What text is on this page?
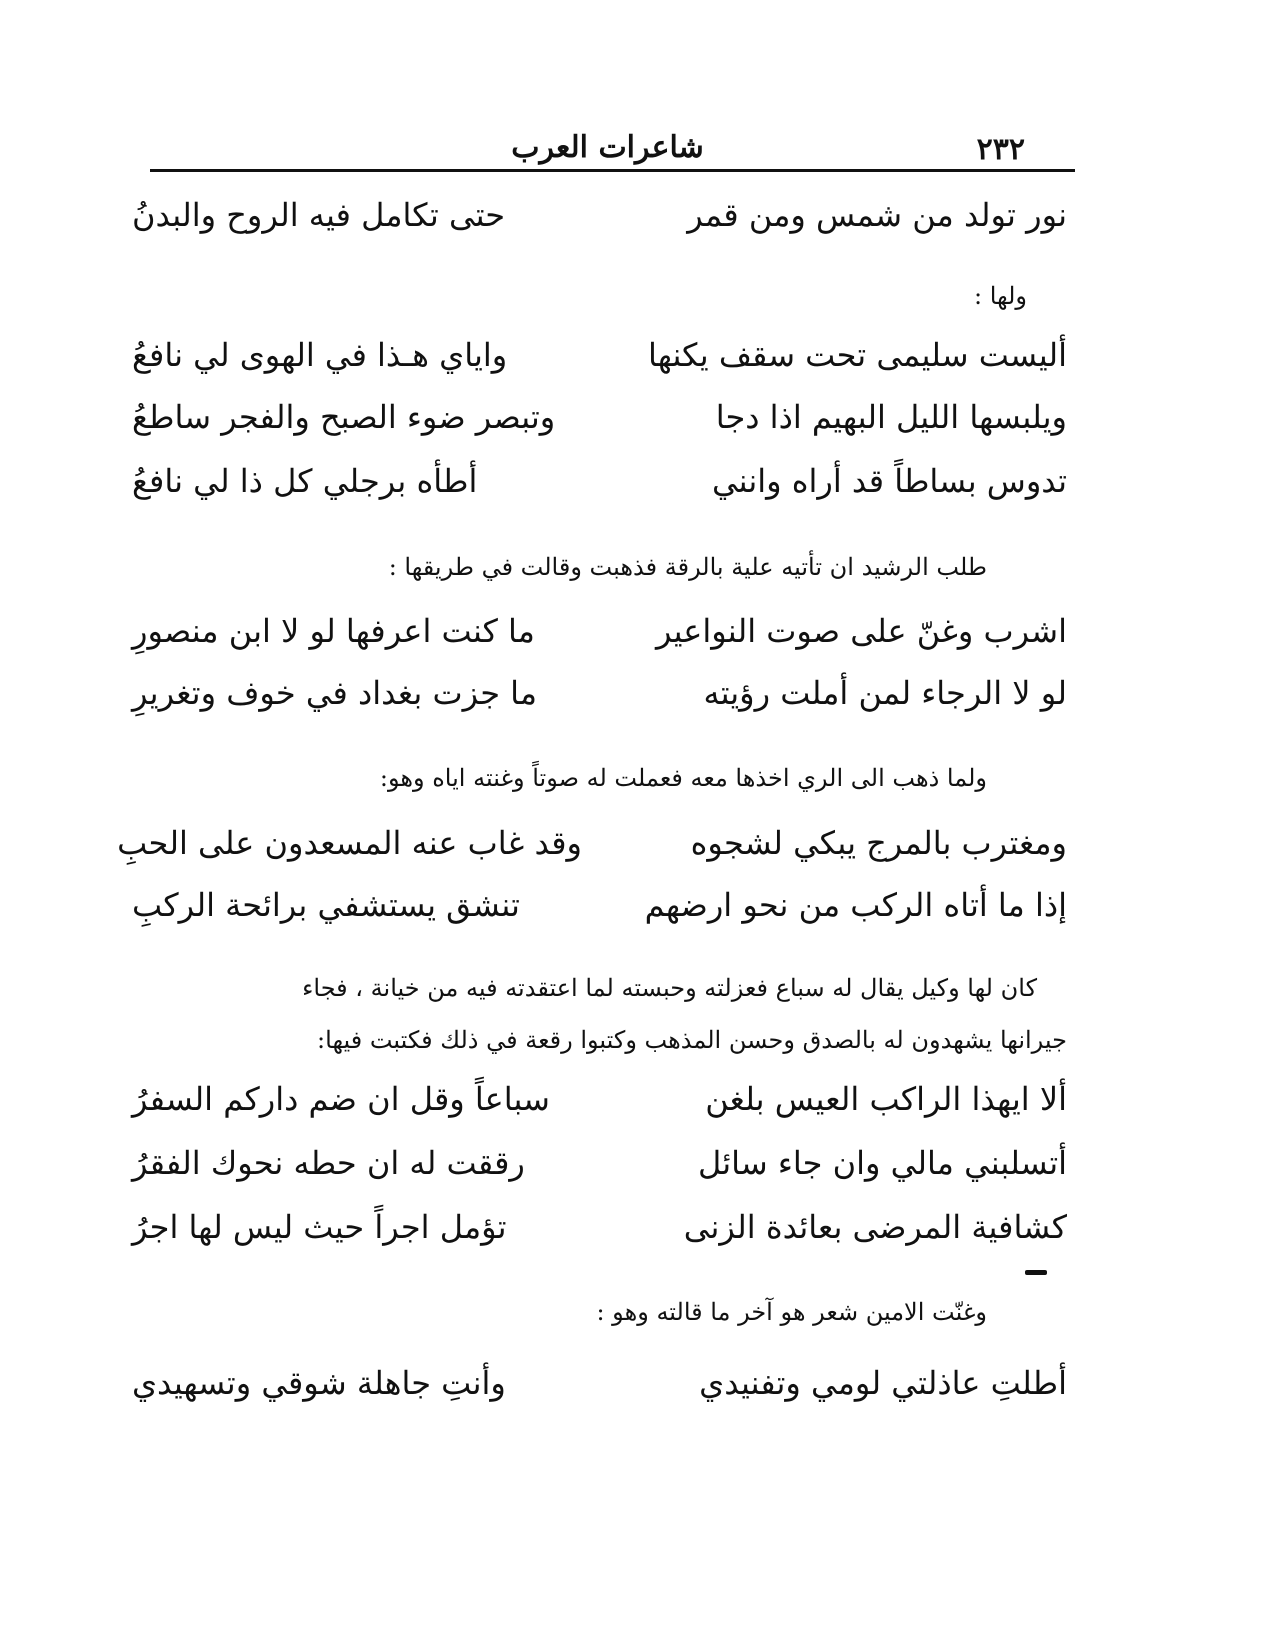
٢٣٢
شاعرات العرب
نور تولد من شمس ومن قمر
حتى تكامل فيه الروح والبدنُ
ولها :
أليست سليمى تحت سقف يكنها
واياي هـذا في الهوى لي نافعُ
ويلبسها الليل البهيم اذا دجا
وتبصر ضوء الصبح والفجر ساطعُ
تدوس بساطاً قد أراه وانني
أطأه برجلي كل ذا لي نافعُ
طلب الرشيد ان تأتيه علية بالرقة فذهبت وقالت في طريقها :
اشرب وغنّ على صوت النواعير
ما كنت اعرفها لو لا ابن منصورِ
لو لا الرجاء لمن أملت رؤيته
ما جزت بغداد في خوف وتغريرِ
ولما ذهب الى الري اخذها معه فعملت له صوتاً وغنته اياه وهو:
ومغترب بالمرج يبكي لشجوه
وقد غاب عنه المسعدون على الحبِ
إذا ما أتاه الركب من نحو ارضهم
تنشق يستشفي برائحة الركبِ
كان لها وكيل يقال له سباع فعزلته وحبسته لما اعتقدته فيه من خيانة ، فجاء
جيرانها يشهدون له بالصدق وحسن المذهب وكتبوا رقعة في ذلك فكتبت فيها:
ألا ايهذا الراكب العيس بلغن
سباعاً وقل ان ضم داركم السفرُ
أتسلبني مالي وان جاء سائل
رققت له ان حطه نحوك الفقرُ
كشافية المرضى بعائدة الزنى
تؤمل اجراً حيث ليس لها اجرُ
وغنّت الامين شعر هو آخر ما قالته وهو :
أطلتِ عاذلتي لومي وتفنيدي
وأنتِ جاهلة شوقي وتسهيدي
